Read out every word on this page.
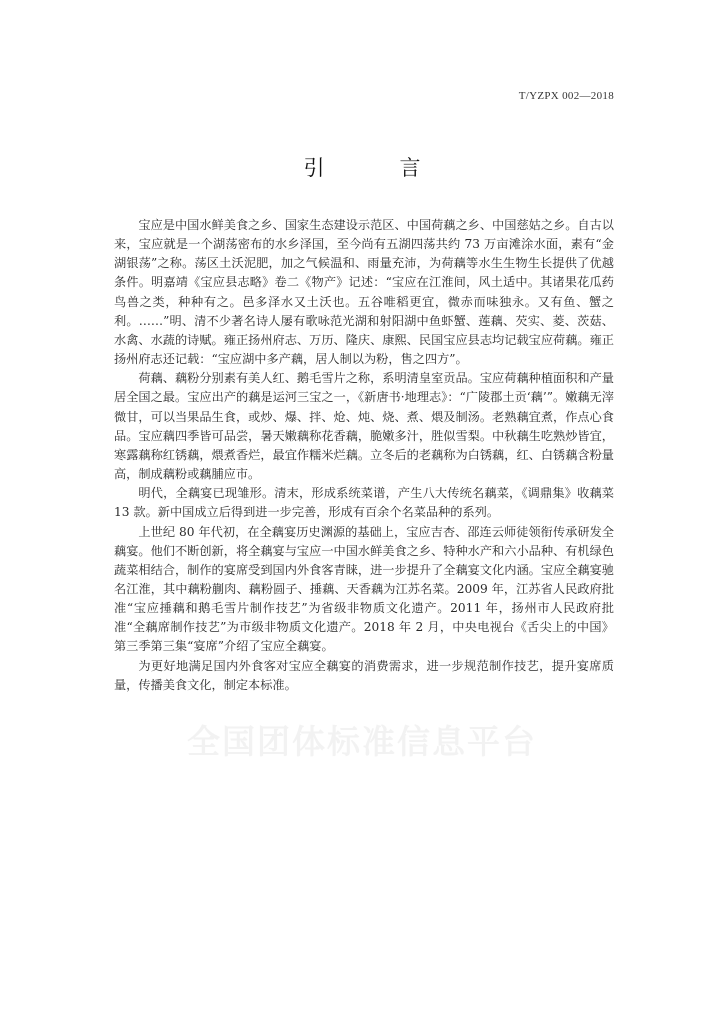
T/YZPX 002—2018
引　言

宝应是中国水鲜美食之乡、国家生态建设示范区、中国荷藕之乡、中国慈姑之乡。自古以来，宝应就是一个湖荡密布的水乡泽国，至今尚有五湖四荡共约 73 万亩滩涂水面，素有“金湖银荡”之称。荡区土沃泥肥，加之气候温和、雨量充沛，为荷藕等水生生物生长提供了优越条件。明嘉靖《宝应县志略》卷二《物产》记述：“宝应在江淮间，风土适中。其诸果花瓜药鸟兽之类，种种有之。邑多泽水又土沃也。五谷唯稻更宜，微赤而味独永。又有鱼、蟹之利。……”明、清不少著名诗人屡有歌咏范光湖和射阳湖中鱼虾蟹、莲藕、芡实、菱、茨菇、水禽、水蔬的诗赋。雍正扬州府志、万历、隆庆、康熙、民国宝应县志均记载宝应荷藕。雍正扬州府志还记载：“宝应湖中多产藕，居人制以为粉，售之四方”。

荷藕、藕粉分别素有美人红、鹅毛雪片之称，系明清皇室贡品。宝应荷藕种植面积和产量居全国之最。宝应出产的藕是运河三宝之一，《新唐书·地理志》：“广陵郡土贡‘藕’”。嫩藕无滓微甘，可以当果品生食，或炒、爆、拌、炝、炖、烧、煮、煨及制汤。老熟藕宜煮，作点心食品。宝应藕四季皆可品尝，暑天嫩藕称花香藕，脆嫩多汁，胜似雪梨。中秋藕生吃熟炒皆宜，寒露藕称红锈藕，煨煮香烂，最宜作糯米烂藕。立冬后的老藕称为白锈藕，红、白锈藕含粉量高，制成藕粉或藕脯应市。

明代，全藕宴已现雏形。清末，形成系统菜谱，产生八大传统名藕菜，《调鼎集》收藕菜 13 款。新中国成立后得到进一步完善，形成有百余个名菜品种的系列。

上世纪 80 年代初，在全藕宴历史渊源的基础上，宝应吉杏、邵连云师徒领衔传承研发全藕宴。他们不断创新，将全藕宴与宝应一中国水鲜美食之乡、特种水产和六小品种、有机绿色蔬菜相结合，制作的宴席受到国内外食客青睐，进一步提升了全藕宴文化内涵。宝应全藕宴驰名江淮，其中藕粉蒯肉、藕粉圆子、捶藕、天香藕为江苏名菜。2009 年，江苏省人民政府批准“宝应捶藕和鹅毛雪片制作技艺”为省级非物质文化遗产。2011 年，扬州市人民政府批准“全藕席制作技艺”为市级非物质文化遗产。2018 年 2 月，中央电视台《舌尖上的中国》第三季第三集“宴席”介绍了宝应全藕宴。

为更好地满足国内外食客对宝应全藕宴的消费需求，进一步规范制作技艺，提升宴席质量，传播美食文化，制定本标准。

全国团体标准信息平台
